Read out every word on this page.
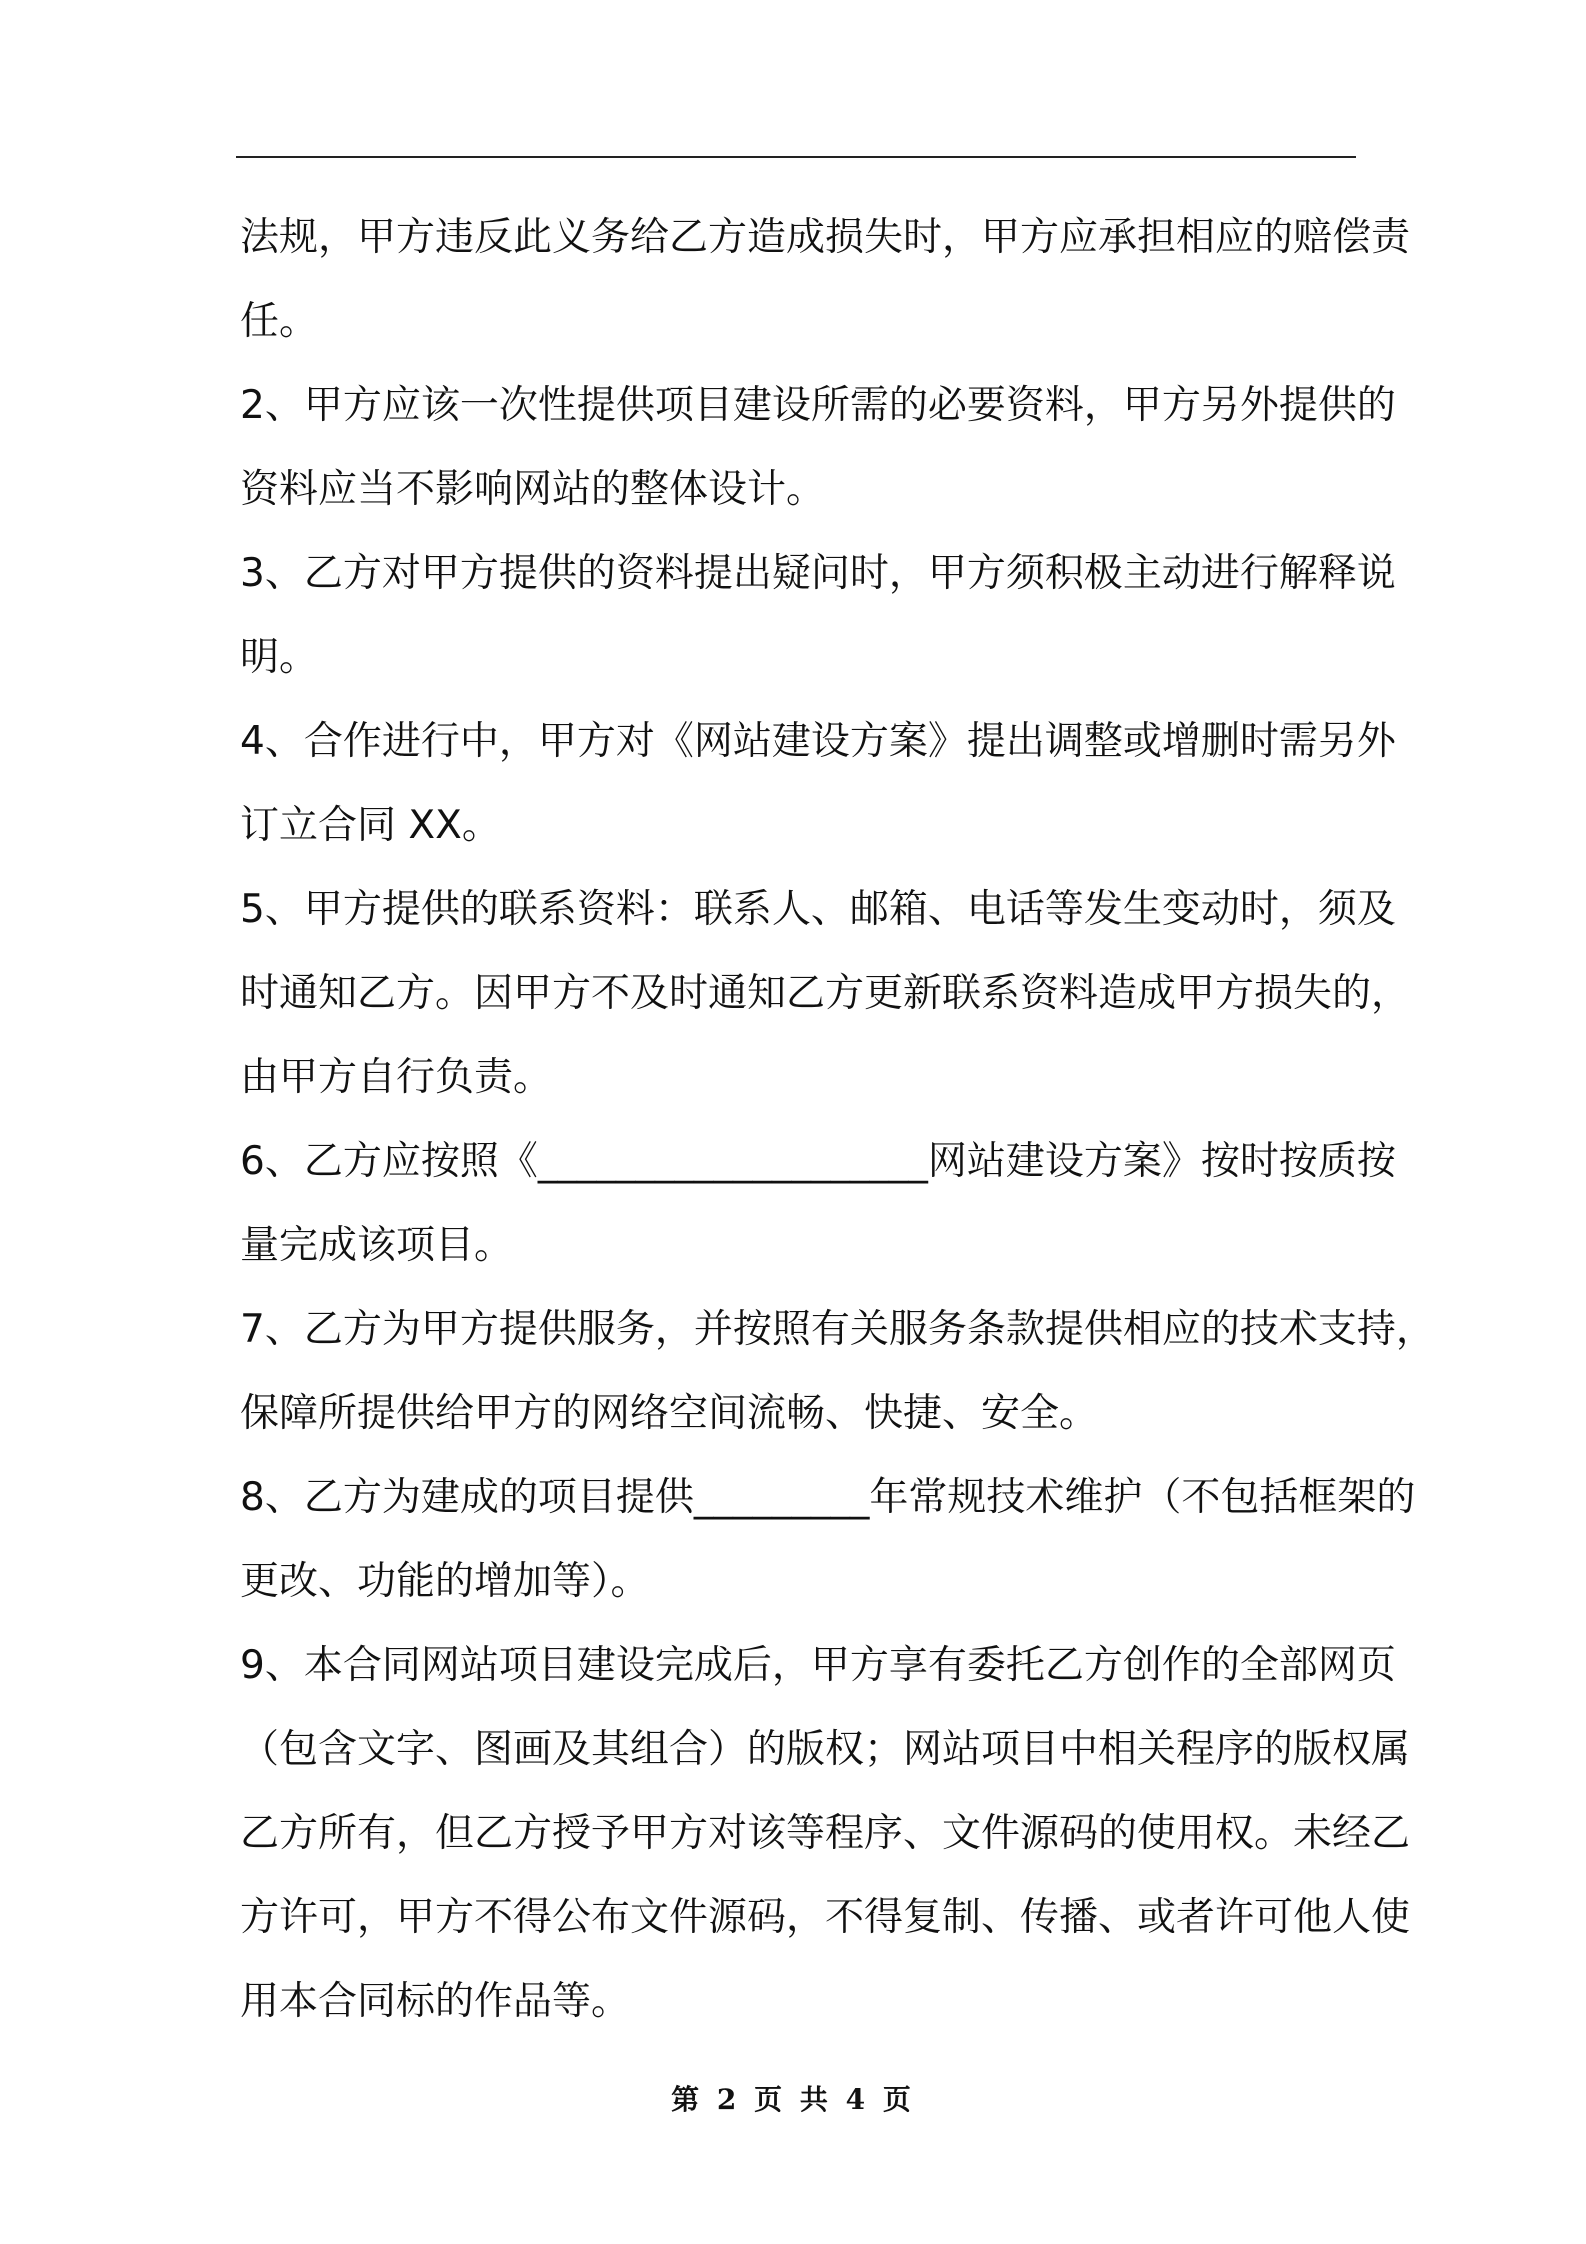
法规，甲方违反此义务给乙方造成损失时，甲方应承担相应的赔偿责
任。
2、甲方应该一次性提供项目建设所需的必要资料，甲方另外提供的
资料应当不影响网站的整体设计。
3、乙方对甲方提供的资料提出疑问时，甲方须积极主动进行解释说
明。
4、合作进行中，甲方对《网站建设方案》提出调整或增删时需另外
订立合同 XX。
5、甲方提供的联系资料：联系人、邮箱、电话等发生变动时，须及
时通知乙方。因甲方不及时通知乙方更新联系资料造成甲方损失的，
由甲方自行负责。
6、乙方应按照《____________________网站建设方案》按时按质按
量完成该项目。
7、乙方为甲方提供服务，并按照有关服务条款提供相应的技术支持，
保障所提供给甲方的网络空间流畅、快捷、安全。
8、乙方为建成的项目提供_________年常规技术维护（不包括框架的
更改、功能的增加等）。
9、本合同网站项目建设完成后，甲方享有委托乙方创作的全部网页
（包含文字、图画及其组合）的版权；网站项目中相关程序的版权属
乙方所有，但乙方授予甲方对该等程序、文件源码的使用权。未经乙
方许可，甲方不得公布文件源码，不得复制、传播、或者许可他人使
用本合同标的作品等。
第 2 页 共 4 页
